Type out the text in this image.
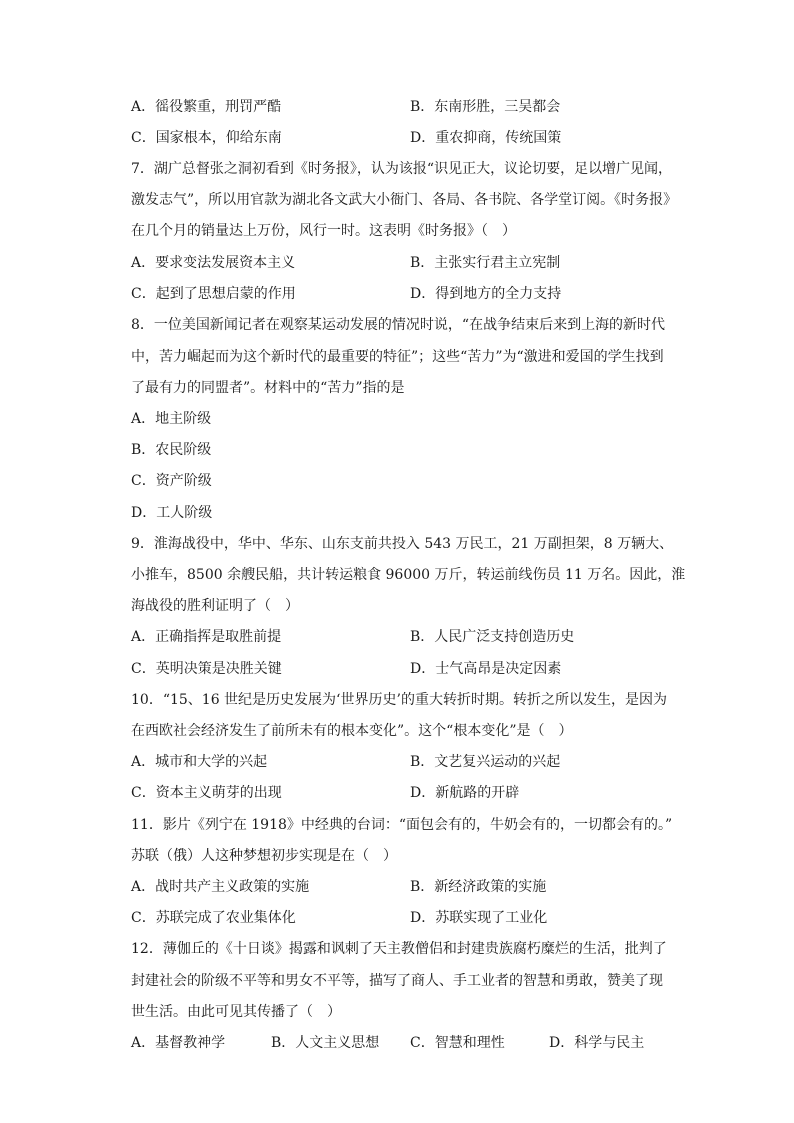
A．徭役繁重，刑罚严酷	B．东南形胜，三吴都会
C．国家根本，仰给东南	D．重农抑商，传统国策
7．湖广总督张之洞初看到《时务报》，认为该报“识见正大，议论切要，足以增广见闻，
激发志气”，所以用官款为湖北各文武大小衙门、各局、各书院、各学堂订阅。《时务报》
在几个月的销量达上万份，风行一时。这表明《时务报》（　）
A．要求变法发展资本主义	B．主张实行君主立宪制
C．起到了思想启蒙的作用	D．得到地方的全力支持
8．一位美国新闻记者在观察某运动发展的情况时说，“在战争结束后来到上海的新时代
中，苦力崛起而为这个新时代的最重要的特征”；这些“苦力”为“激进和爱国的学生找到
了最有力的同盟者”。材料中的“苦力”指的是
A．地主阶级
B．农民阶级
C．资产阶级
D．工人阶级
9．淮海战役中，华中、华东、山东支前共投入 543 万民工，21 万副担架，8 万辆大、
小推车，8500 余艘民船，共计转运粮食 96000 万斤，转运前线伤员 11 万名。因此，淮
海战役的胜利证明了（　）
A．正确指挥是取胜前提	B．人民广泛支持创造历史
C．英明决策是决胜关键	D．士气高昂是决定因素
10．“15、16 世纪是历史发展为‘世界历史’的重大转折时期。转折之所以发生，是因为
在西欧社会经济发生了前所未有的根本变化”。这个“根本变化”是（　）
A．城市和大学的兴起	B．文艺复兴运动的兴起
C．资本主义萌芽的出现	D．新航路的开辟
11．影片《列宁在 1918》中经典的台词：“面包会有的，牛奶会有的，一切都会有的。”
苏联（俄）人这种梦想初步实现是在（　）
A．战时共产主义政策的实施	B．新经济政策的实施
C．苏联完成了农业集体化	D．苏联实现了工业化
12．薄伽丘的《十日谈》揭露和讽刺了天主教僧侣和封建贵族腐朽糜烂的生活，批判了
封建社会的阶级不平等和男女不平等，描写了商人、手工业者的智慧和勇敢，赞美了现
世生活。由此可见其传播了（　）
A．基督教神学	B．人文主义思想 C．智慧和理性	D．科学与民主
